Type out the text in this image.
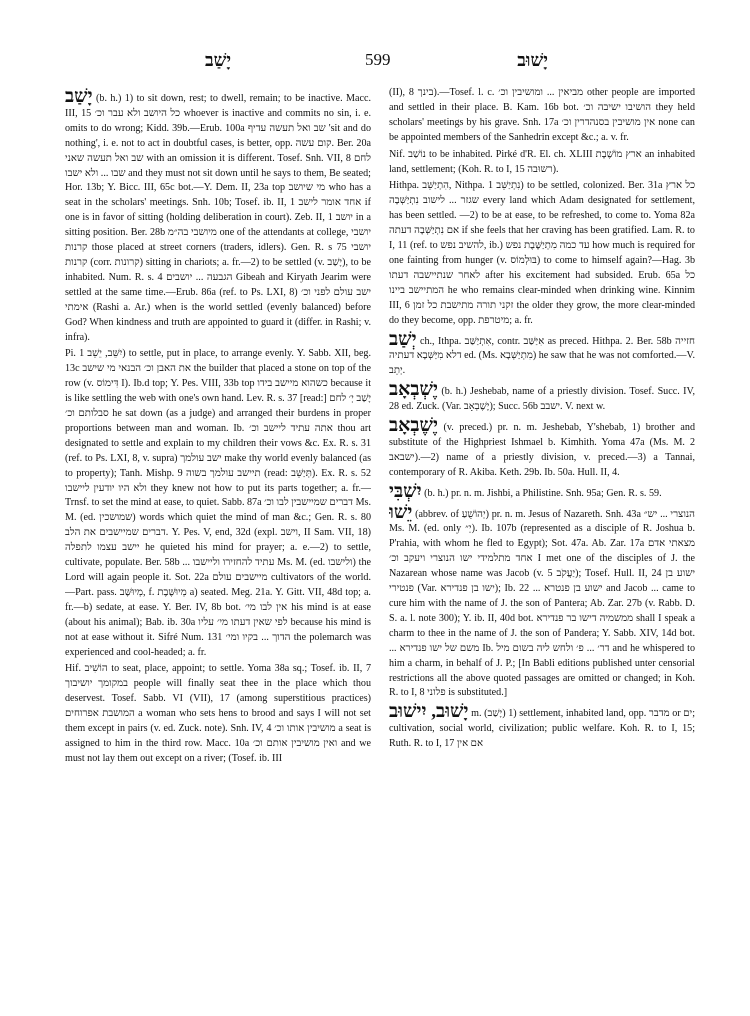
יָשַׁב	599	יָשׁוּב

יָשַׁב (b. h.) 1) to sit down, rest; to dwell, remain; to be inactive. Macc. III, 15 כל היושב ולא עבר וכ׳ whoever is inactive and commits no sin, i. e. omits to do wrong; Kidd. 39b.—Erub. 100a שב ואל תעשה עדיף 'sit and do nothing', i. e. not to act in doubtful cases, is better, opp. קום עשה. Ber. 20a שב ואל תעשה שאני with an omission it is different. Tosef. Snh. VII, 8 לחם שבו ... ולא ישבו and they must not sit down until he says to them, Be seated; Hor. 13b; Y. Bicc. III, 65c bot.—Y. Dem. II, 23a top מי שיושב who has a seat in the scholars' meetings. Snh. 10b; Tosef. ib. II, 1 אחד אומר לישב if one is in favor of sitting (holding deliberation in court). Zeb. II, 1 יושב in a sitting position. Ber. 28b מיושבי בה״מ one of the attendants at college, יושבי קרנות those placed at street corners (traders, idlers). Gen. R. s 75 יושבי קרנות (corr. קרונות) sitting in chariots; a. fr.—2) to be settled (v. יָשַׁב), to be inhabited. Num. R. s. 4 הגבעה ... יושבים Gibeah and Kiryath Jearim were settled at the same time.—Erub. 86a (ref. to Ps. LXI, 8) ישב עולם לפני וכ׳ אימתי (Rashi a. Ar.) when is the world settled (evenly balanced) before God? When kindness and truth are appointed to guard it (differ. in Rashi; v. infra).

Pi. יִשֵּׁב, יֵשֵׁב 1) to settle, put in place, to arrange evenly. Y. Sabb. XII, beg. 13c את האבן וכ׳ הבנאי מי שישב the builder that placed a stone on top of the row (v. דִּימוֹס I). Ib.d top; Y. Pes. VIII, 33b top כשהוא מיישב בידו because it is like settling the web with one's own hand. Lev. R. s. 37 [read:] יָשַׁב יְ׳ לחם סבלותם וכ׳ he sat down (as a judge) and arranged their burdens in proper proportions between man and woman. Ib. אתה עתיד ליישב וכ׳ thou art designated to settle and explain to my children their vows &c. Ex. R. s. 31 (ref. to Ps. LXI, 8, v. supra) ישב עולמך make thy world evenly balanced (as to property); Tanh. Mishp. 9 תיישב עולמך בשוה (read: תְּיַשֵּׁב). Ex. R. s. 52 ולא היו יודעין ליישבו they knew not how to put its parts together; a. fr.—Trnsf. to set the mind at ease, to quiet. Sabb. 87a דברים שמיישבין לבו וכ׳ Ms. M. (ed. שמושכין) words which quiet the mind of man &c.; Gen. R. s. 80 דברים שמיישבים את הלב. Y. Pes. V, end, 32d (expl. וישב, II Sam. VII, 18) יישב עצמו לתפלה he quieted his mind for prayer; a. e.—2) to settle, cultivate, populate. Ber. 58b ... עתיד להחזירו וליישבו Ms. M. (ed. ולישבו) the Lord will again people it. Sot. 22a מיישבים עולם cultivators of the world. —Part. pass. מְיוּשָּׁב, f. מְיוּשֶּׁבֶת a) seated. Meg. 21a. Y. Gitt. VII, 48d top; a. fr.—b) sedate, at ease. Y. Ber. IV, 8b bot. אין לבו מי׳ his mind is at ease (about his animal); Bab. ib. 30a לפי שאין דעתו מי׳ עליו because his mind is not at ease without it. Sifré Num. 131 הדוך ... בקיו ומי׳ the polemarch was experienced and cool-headed; a. fr.

Hif. הוֹשִׁיב to seat, place, appoint; to settle. Yoma 38a sq.; Tosef. ib. II, 7 במקומך יושיבוך people will finally seat thee in the place which thou deservest. Tosef. Sabb. VI (VII), 17 (among superstitious practices) המושבת אפרוחים a woman who sets hens to brood and says I will not set them except in pairs (v. ed. Zuck. note). Snh. IV, 4 מושיבין אותו וכ׳ a seat is assigned to him in the third row. Macc. 10a ואין מושיבין אותם וכ׳ and we must not lay them out except on a river; (Tosef. ib. III

(II), 8 בינך).—Tosef. l. c. מביאין ... ומושיבין וכ׳ other people are imported and settled in their place. B. Kam. 16b bot. הושיבו ישיבה וכ׳ they held scholars' meetings by his grave. Snh. 17a אין מושיבין בסנהדרין וכ׳ none can be appointed members of the Sanhedrin except &c.; a. v. fr.

Nif. נוֹשַׁב to be inhabited. Pirké d'R. El. ch. XLIII ארץ מוֹשֶׁבֶת an inhabited land, settlement; (Koh. R. to I, 15 רשוּבה).

Hithpa. הִתְיַשֵּׁב, Nithpa. נִתְיַשֵּׁב 1) to be settled, colonized. Ber. 31a כל ארץ שגזר ... לישוב נִתְיַשְּׁבָה every land which Adam designated for settlement, has been settled. —2) to be at ease, to be refreshed, to come to. Yoma 82a אם נִתְיַשְּׁבָה דעתה if she feels that her craving has been gratified. Lam. R. to I, 11 (ref. to להשיב נפש, ib.) עד כמה מִתְיַשֶּׁבֶת נפש how much is required for one fainting from hunger (v. בּוּלְמוֹס) to come to himself again?—Hag. 3b לאחר שנתיישבה דעתו after his excitement had subsided. Erub. 65a כל המתיישב ביינו he who remains clear-minded when drinking wine. Kinnim III, 6 זקני תורה מתישבת כל זמן the older they grow, the more clear-minded do they become, opp. מיטרפת; a. fr.

יְשַׁב ch., Ithpa. אִתְיַשַּׁב, contr. אִיַּשַּׁב as preced. Hithpa. 2. Ber. 58b חזייה דלא מִיַּשְּׁבָא דעתיה ed. (Ms. מִתְיַשְּׁבָא) he saw that he was not comforted.—V. יְתֵב.

יֶשְׁבְאָב (b. h.) Jeshebab, name of a priestly division. Tosef. Succ. IV, 28 ed. Zuck. (Var. יֶשֶׁבְאָב); Succ. 56b ישבב. V. next w.

יֶשֶׁבְאָב (v. preced.) pr. n. m. Jeshebab, Y'shebab, 1) brother and substitute of the Highpriest Ishmael b. Kimhith. Yoma 47a (Ms. M. 2 ישבאב).—2) name of a priestly division, v. preced.—3) a Tannai, contemporary of R. Akiba. Keth. 29b. Ib. 50a. Hull. II, 4.

יִשְׁבִּי (b. h.) pr. n. m. Jishbi, a Philistine. Snh. 95a; Gen. R. s. 59.

יֵשׁוּ (abbrev. of יְהוֹשֻׁעַ) pr. n. m. Jesus of Nazareth. Snh. 43a הנוצרי ... יש״ Ms. M. (ed. only יֵ״). Ib. 107b (represented as a disciple of R. Joshua b. P'rahia, with whom he fled to Egypt); Sot. 47a. Ab. Zar. 17a מצאתי אדם אחד מתלמידי ישו הנוצרי ויעקב וכ׳ I met one of the disciples of J. the Nazarean whose name was Jacob (v. יַעֲקֹב 5); Tosef. Hull. II, 24 ישוע בן פנטירי (Var. ישו בן פנדירא); Ib. 22 ... ישוע בן פנטרא and Jacob ... came to cure him with the name of J. the son of Pantera; Ab. Zar. 27b (v. Rabb. D. S. a. l. note 300); Y. ib. II, 40d bot. ממשמיה דישו בר פנדירא shall I speak a charm to thee in the name of J. the son of Pandera; Y. Sabb. XIV, 14d bot. ... משם של ישו פנדירא Ib. דר׳ ... פ׳ ולחש ליה בשום מיל and he whispered to him a charm, in behalf of J. P.; [In Babli editions published unter censorial restrictions all the above quoted passages are omitted or changed; in Koh. R. to I, 8 פלוני is substituted.]

יָשׁוּב, יִישׁוּב m. (יָשַׁב) 1) settlement, inhabited land, opp. מדבר or ים; cultivation, social world, civilization; public welfare. Koh. R. to I, 15; Ruth. R. to I, 17 אם אין
